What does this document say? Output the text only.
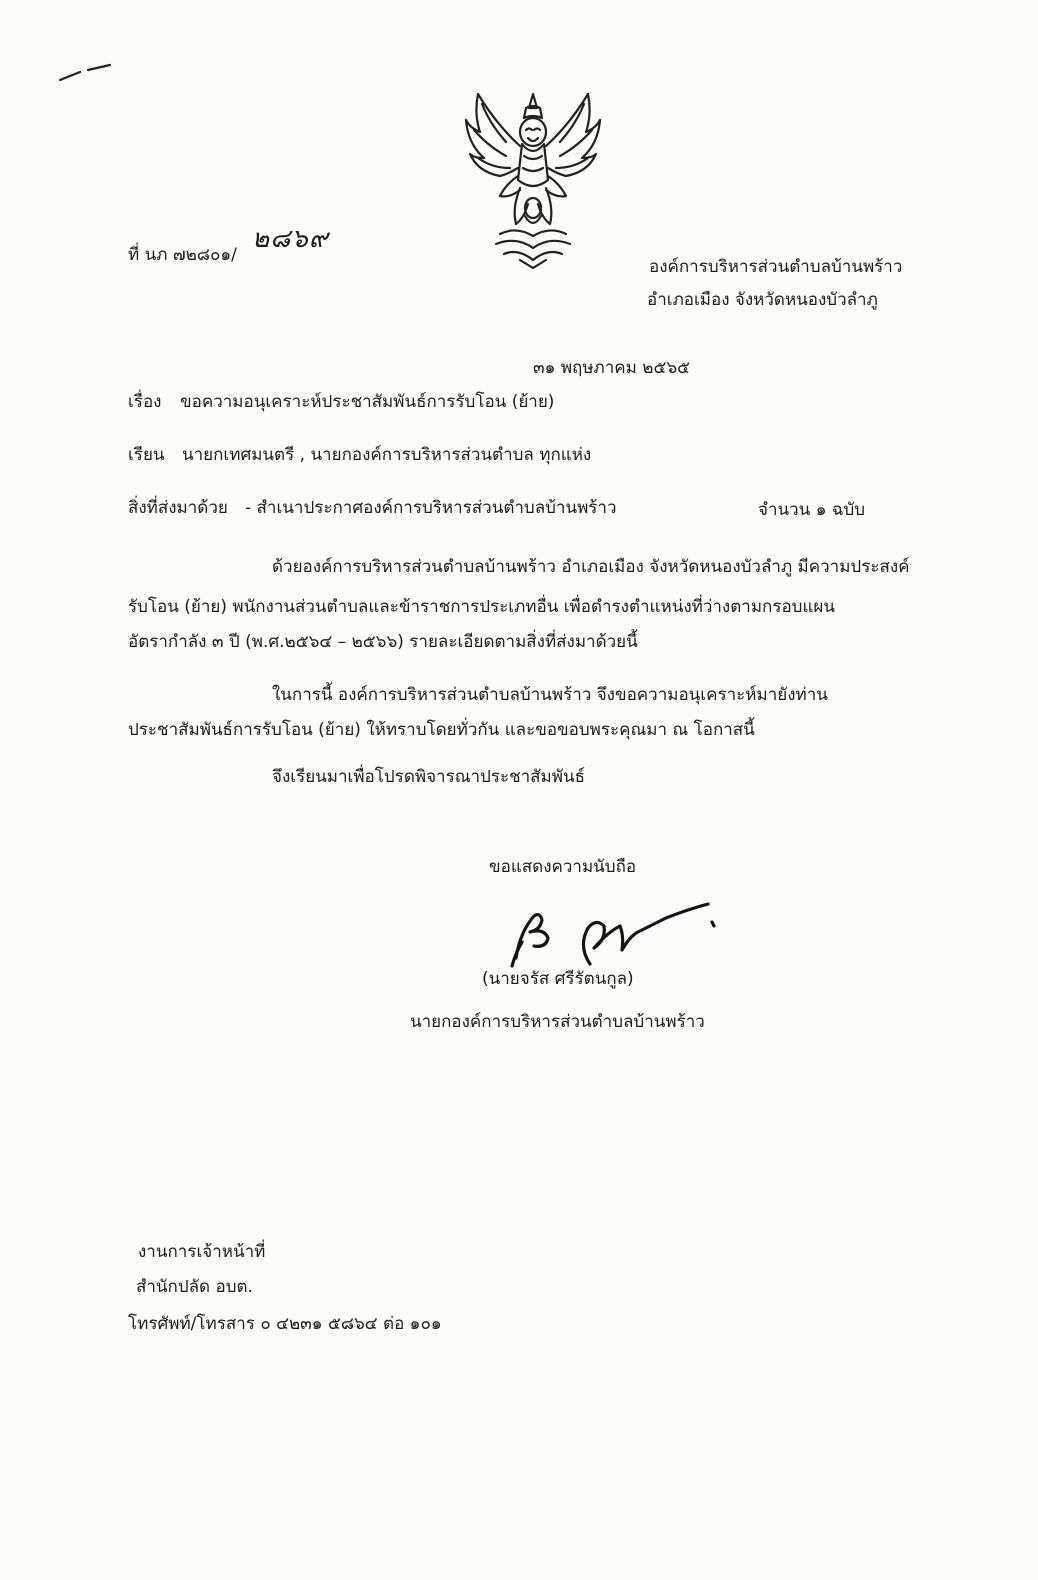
ที่ นภ ๗๒๘๐๑/
๒๘๖๙
องค์การบริหารส่วนตำบลบ้านพร้าว
อำเภอเมือง จังหวัดหนองบัวลำภู
๓๑ พฤษภาคม ๒๕๖๕
เรื่อง ขอความอนุเคราะห์ประชาสัมพันธ์การรับโอน (ย้าย)
เรียน นายกเทศมนตรี , นายกองค์การบริหารส่วนตำบล ทุกแห่ง
สิ่งที่ส่งมาด้วย - สำเนาประกาศองค์การบริหารส่วนตำบลบ้านพร้าว	จำนวน ๑ ฉบับ
ด้วยองค์การบริหารส่วนตำบลบ้านพร้าว อำเภอเมือง จังหวัดหนองบัวลำภู มีความประสงค์
รับโอน (ย้าย) พนักงานส่วนตำบลและข้าราชการประเภทอื่น เพื่อดำรงตำแหน่งที่ว่างตามกรอบแผน
อัตรากำลัง ๓ ปี (พ.ศ.๒๕๖๔ – ๒๕๖๖) รายละเอียดตามสิ่งที่ส่งมาด้วยนี้
ในการนี้ องค์การบริหารส่วนตำบลบ้านพร้าว จึงขอความอนุเคราะห์มายังท่าน
ประชาสัมพันธ์การรับโอน (ย้าย) ให้ทราบโดยทั่วกัน และขอขอบพระคุณมา ณ โอกาสนี้
จึงเรียนมาเพื่อโปรดพิจารณาประชาสัมพันธ์
ขอแสดงความนับถือ
(นายจรัส ศรีรัตนกูล)
นายกองค์การบริหารส่วนตำบลบ้านพร้าว
งานการเจ้าหน้าที่
สำนักปลัด อบต.
โทรศัพท์/โทรสาร ๐ ๔๒๓๑ ๕๘๖๔ ต่อ ๑๐๑
